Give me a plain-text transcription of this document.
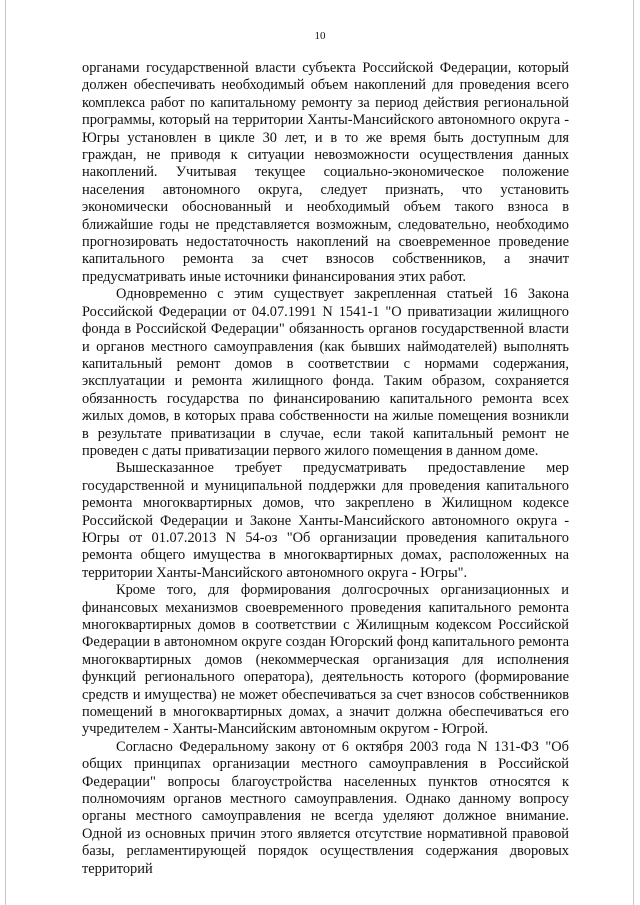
10

органами государственной власти субъекта Российской Федерации, который должен обеспечивать необходимый объем накоплений для проведения всего комплекса работ по капитальному ремонту за период действия региональной программы, который на территории Ханты-Мансийского автономного округа - Югры установлен в цикле 30 лет, и в то же время быть доступным для граждан, не приводя к ситуации невозможности осуществления данных накоплений. Учитывая текущее социально-экономическое положение населения автономного округа, следует признать, что установить экономически обоснованный и необходимый объем такого взноса в ближайшие годы не представляется возможным, следовательно, необходимо прогнозировать недостаточность накоплений на своевременное проведение капитального ремонта за счет взносов собственников, а значит предусматривать иные источники финансирования этих работ.

Одновременно с этим существует закрепленная статьей 16 Закона Российской Федерации от 04.07.1991 N 1541-1 "О приватизации жилищного фонда в Российской Федерации" обязанность органов государственной власти и органов местного самоуправления (как бывших наймодателей) выполнять капитальный ремонт домов в соответствии с нормами содержания, эксплуатации и ремонта жилищного фонда. Таким образом, сохраняется обязанность государства по финансированию капитального ремонта всех жилых домов, в которых права собственности на жилые помещения возникли в результате приватизации в случае, если такой капитальный ремонт не проведен с даты приватизации первого жилого помещения в данном доме.

Вышесказанное требует предусматривать предоставление мер государственной и муниципальной поддержки для проведения капитального ремонта многоквартирных домов, что закреплено в Жилищном кодексе Российской Федерации и Законе Ханты-Мансийского автономного округа - Югры от 01.07.2013 N 54-оз "Об организации проведения капитального ремонта общего имущества в многоквартирных домах, расположенных на территории Ханты-Мансийского автономного округа - Югры".

Кроме того, для формирования долгосрочных организационных и финансовых механизмов своевременного проведения капитального ремонта многоквартирных домов в соответствии с Жилищным кодексом Российской Федерации в автономном округе создан Югорский фонд капитального ремонта многоквартирных домов (некоммерческая организация для исполнения функций регионального оператора), деятельность которого (формирование средств и имущества) не может обеспечиваться за счет взносов собственников помещений в многоквартирных домах, а значит должна обеспечиваться его учредителем - Ханты-Мансийским автономным округом - Югрой.

Согласно Федеральному закону от 6 октября 2003 года N 131-ФЗ "Об общих принципах организации местного самоуправления в Российской Федерации" вопросы благоустройства населенных пунктов относятся к полномочиям органов местного самоуправления. Однако данному вопросу органы местного самоуправления не всегда уделяют должное внимание. Одной из основных причин этого является отсутствие нормативной правовой базы, регламентирующей порядок осуществления содержания дворовых территорий
